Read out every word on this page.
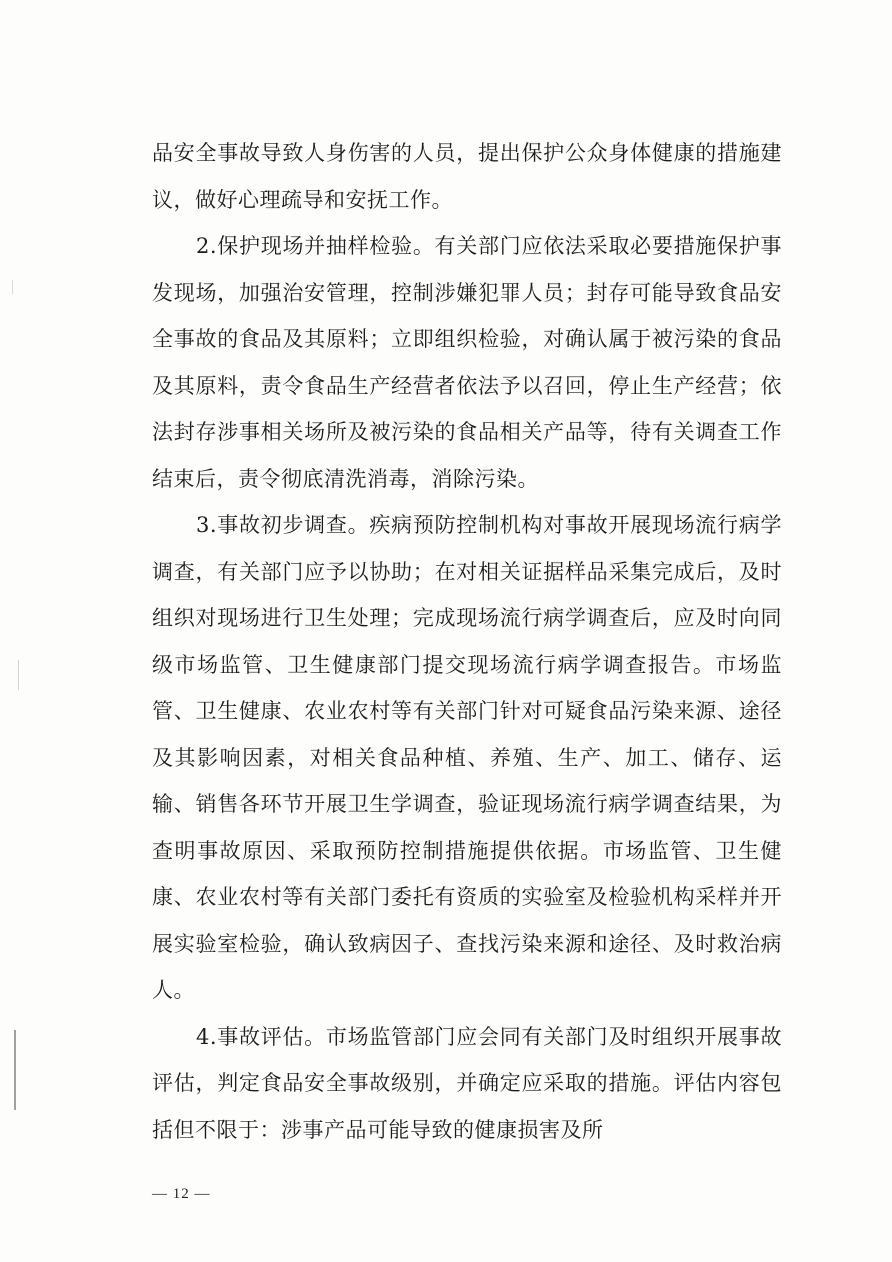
品安全事故导致人身伤害的人员，提出保护公众身体健康的措施建议，做好心理疏导和安抚工作。

2.保护现场并抽样检验。有关部门应依法采取必要措施保护事发现场，加强治安管理，控制涉嫌犯罪人员；封存可能导致食品安全事故的食品及其原料；立即组织检验，对确认属于被污染的食品及其原料，责令食品生产经营者依法予以召回，停止生产经营；依法封存涉事相关场所及被污染的食品相关产品等，待有关调查工作结束后，责令彻底清洗消毒，消除污染。

3.事故初步调查。疾病预防控制机构对事故开展现场流行病学调查，有关部门应予以协助；在对相关证据样品采集完成后，及时组织对现场进行卫生处理；完成现场流行病学调查后，应及时向同级市场监管、卫生健康部门提交现场流行病学调查报告。市场监管、卫生健康、农业农村等有关部门针对可疑食品污染来源、途径及其影响因素，对相关食品种植、养殖、生产、加工、储存、运输、销售各环节开展卫生学调查，验证现场流行病学调查结果，为查明事故原因、采取预防控制措施提供依据。市场监管、卫生健康、农业农村等有关部门委托有资质的实验室及检验机构采样并开展实验室检验，确认致病因子、查找污染来源和途径、及时救治病人。

4.事故评估。市场监管部门应会同有关部门及时组织开展事故评估，判定食品安全事故级别，并确定应采取的措施。评估内容包括但不限于：涉事产品可能导致的健康损害及所

— 12 —
